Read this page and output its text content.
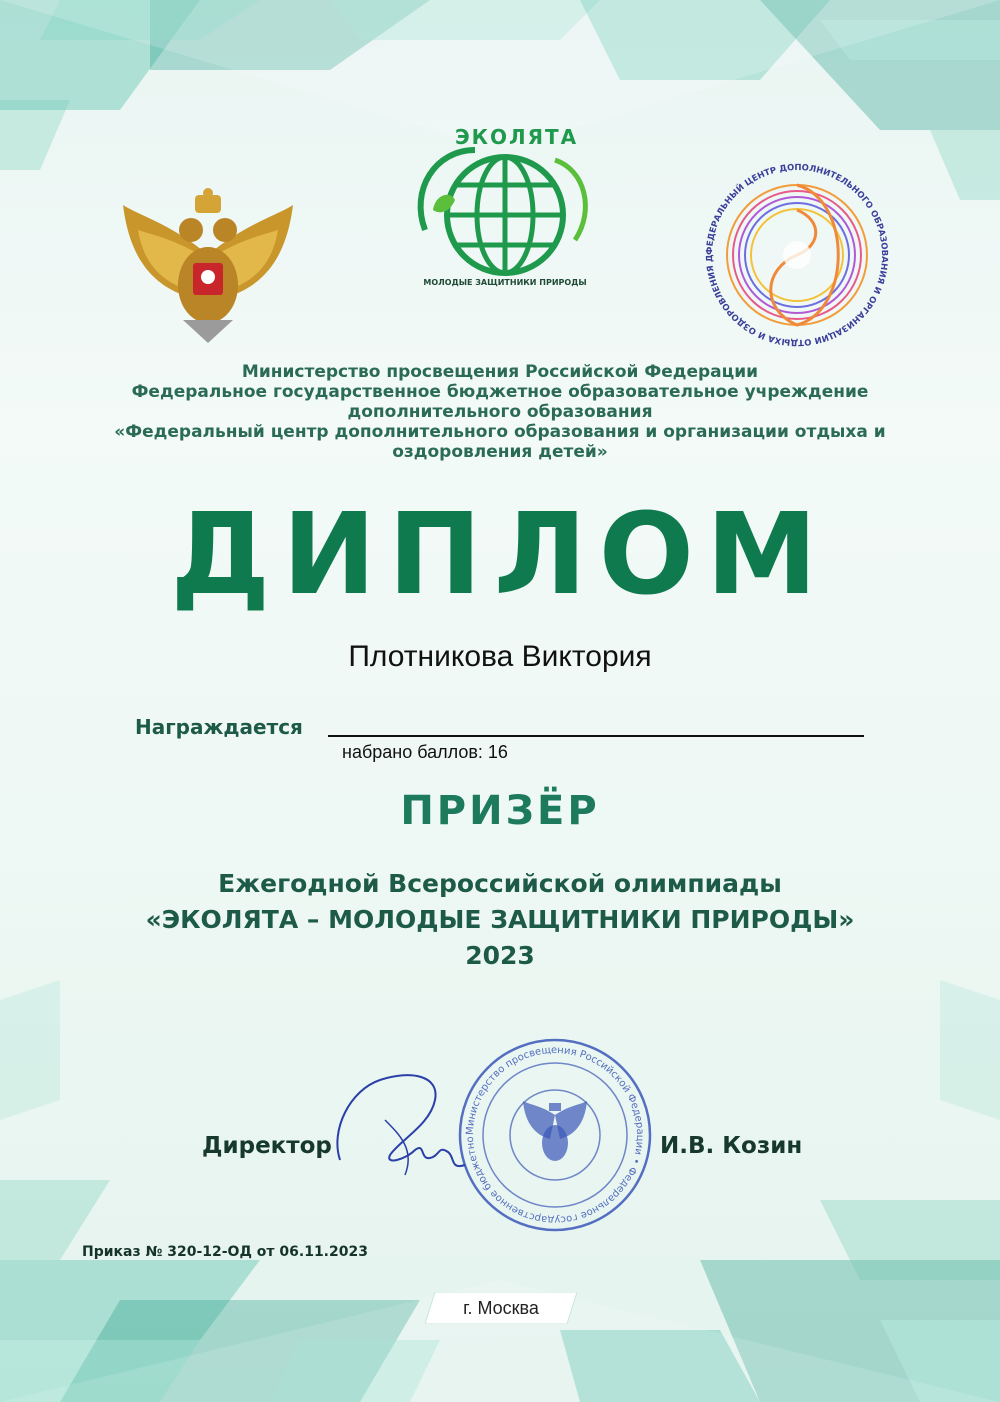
ЭКОЛЯТА
МОЛОДЫЕ ЗАЩИТНИКИ ПРИРОДЫ
ФЕДЕРАЛЬНЫЙ ЦЕНТР ДОПОЛНИТЕЛЬНОГО ОБРАЗОВАНИЯ И ОРГАНИЗАЦИИ ОТДЫХА И ОЗДОРОВЛЕНИЯ Д
Министерство просвещения Российской Федерации
Федеральное государственное бюджетное образовательное учреждение
дополнительного образования
«Федеральный центр дополнительного образования и организации отдыха и
оздоровления детей»
ДИПЛОМ
Плотникова Виктория
Награждается
набрано баллов: 16
ПРИЗЁР
Ежегодной Всероссийской олимпиады
«ЭКОЛЯТА – МОЛОДЫЕ ЗАЩИТНИКИ ПРИРОДЫ»
2023
Министерство просвещения Российской Федерации • Федеральное государственное бюджетно
Директор	И.В. Козин
Приказ № 320-12-ОД от 06.11.2023
г. Москва
